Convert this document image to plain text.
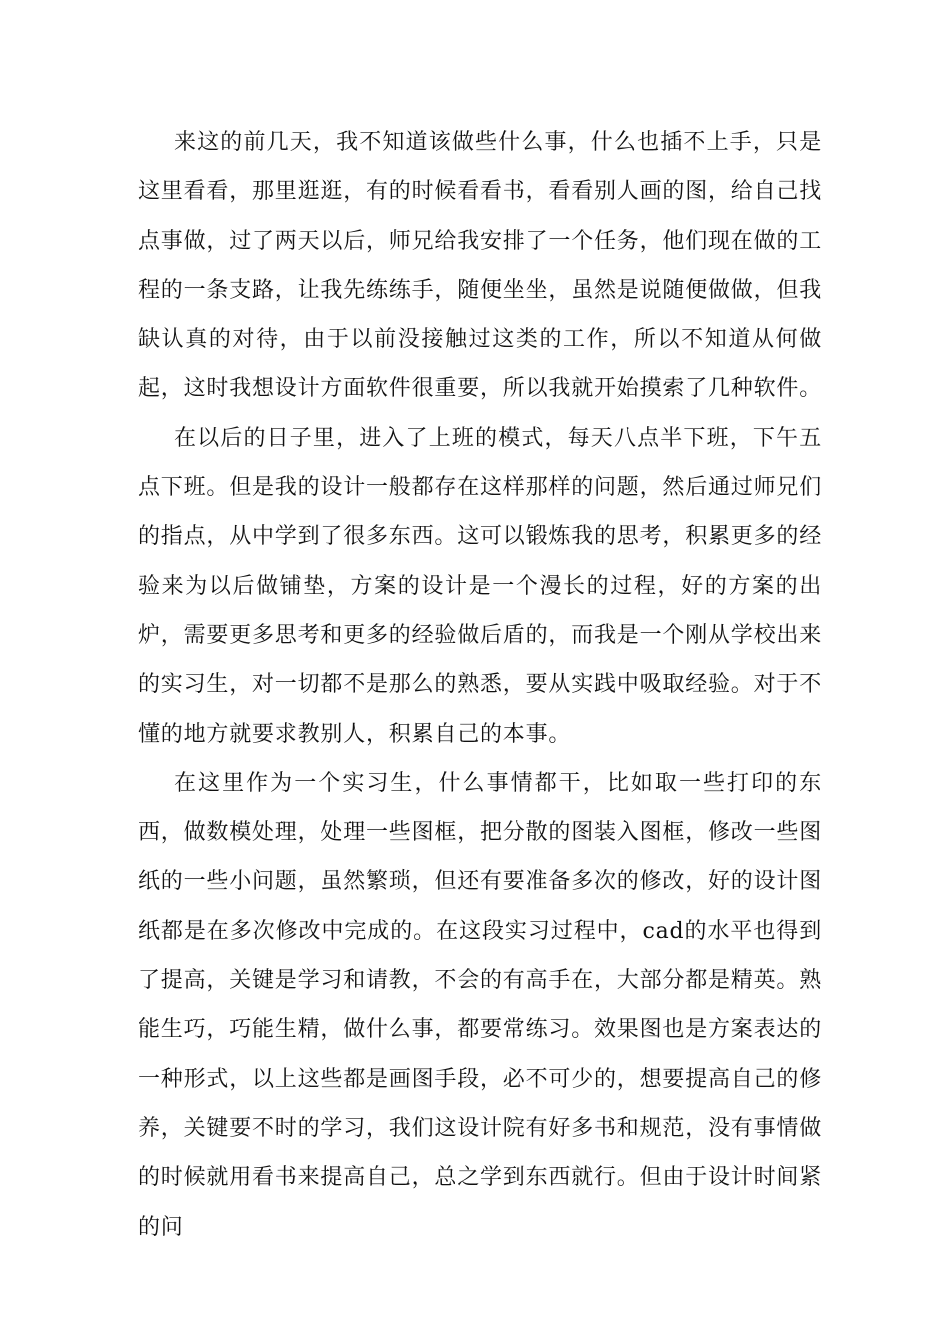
来这的前几天，我不知道该做些什么事，什么也插不上手，只是这里看看，那里逛逛，有的时候看看书，看看别人画的图，给自己找点事做，过了两天以后，师兄给我安排了一个任务，他们现在做的工程的一条支路，让我先练练手，随便坐坐，虽然是说随便做做，但我缺认真的对待，由于以前没接触过这类的工作，所以不知道从何做起，这时我想设计方面软件很重要，所以我就开始摸索了几种软件。

在以后的日子里，进入了上班的模式，每天八点半下班，下午五点下班。但是我的设计一般都存在这样那样的问题，然后通过师兄们的指点，从中学到了很多东西。这可以锻炼我的思考，积累更多的经验来为以后做铺垫，方案的设计是一个漫长的过程，好的方案的出炉，需要更多思考和更多的经验做后盾的，而我是一个刚从学校出来的实习生，对一切都不是那么的熟悉，要从实践中吸取经验。对于不懂的地方就要求教别人，积累自己的本事。

在这里作为一个实习生，什么事情都干，比如取一些打印的东西，做数模处理，处理一些图框，把分散的图装入图框，修改一些图纸的一些小问题，虽然繁琐，但还有要准备多次的修改，好的设计图纸都是在多次修改中完成的。在这段实习过程中，cad的水平也得到了提高，关键是学习和请教，不会的有高手在，大部分都是精英。熟能生巧，巧能生精，做什么事，都要常练习。效果图也是方案表达的一种形式，以上这些都是画图手段，必不可少的，想要提高自己的修养，关键要不时的学习，我们这设计院有好多书和规范，没有事情做的时候就用看书来提高自己，总之学到东西就行。但由于设计时间紧的问
